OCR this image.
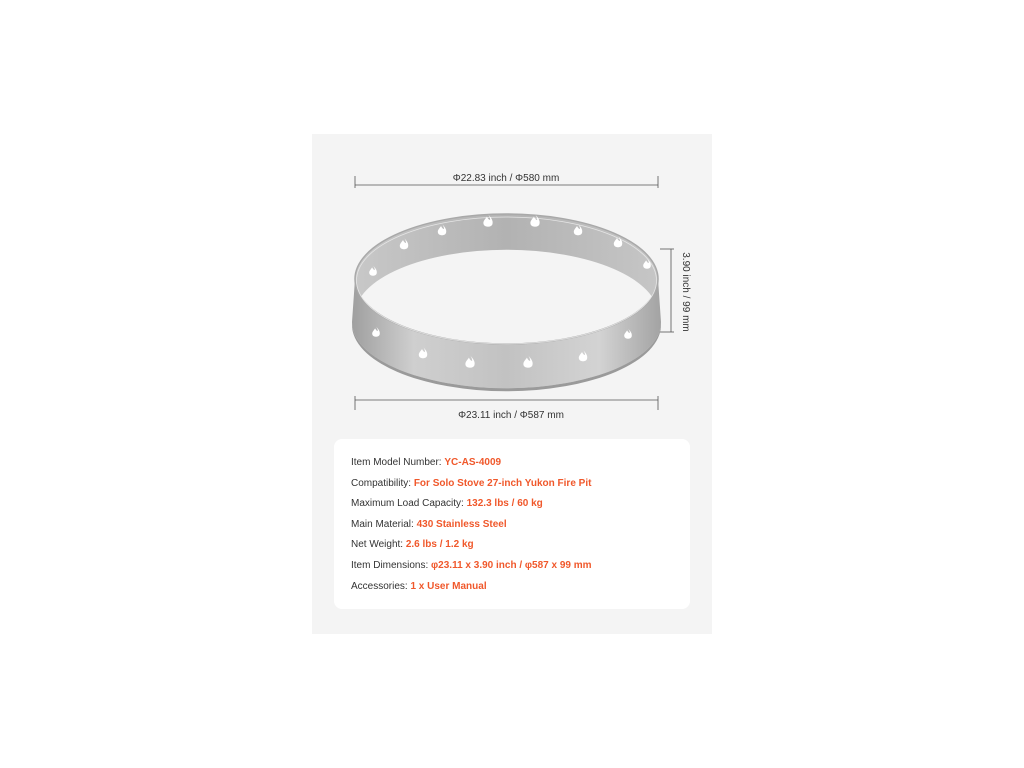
Φ22.83 inch / Φ580 mm
Φ23.11 inch / Φ587 mm
3.90 inch / 99 mm
Item Model Number: YC-AS-4009
Compatibility: For Solo Stove 27-inch Yukon Fire Pit
Maximum Load Capacity: 132.3 lbs / 60 kg
Main Material: 430 Stainless Steel
Net Weight: 2.6 lbs / 1.2 kg
Item Dimensions: φ23.11 x 3.90 inch / φ587 x 99 mm
Accessories: 1 x User Manual
